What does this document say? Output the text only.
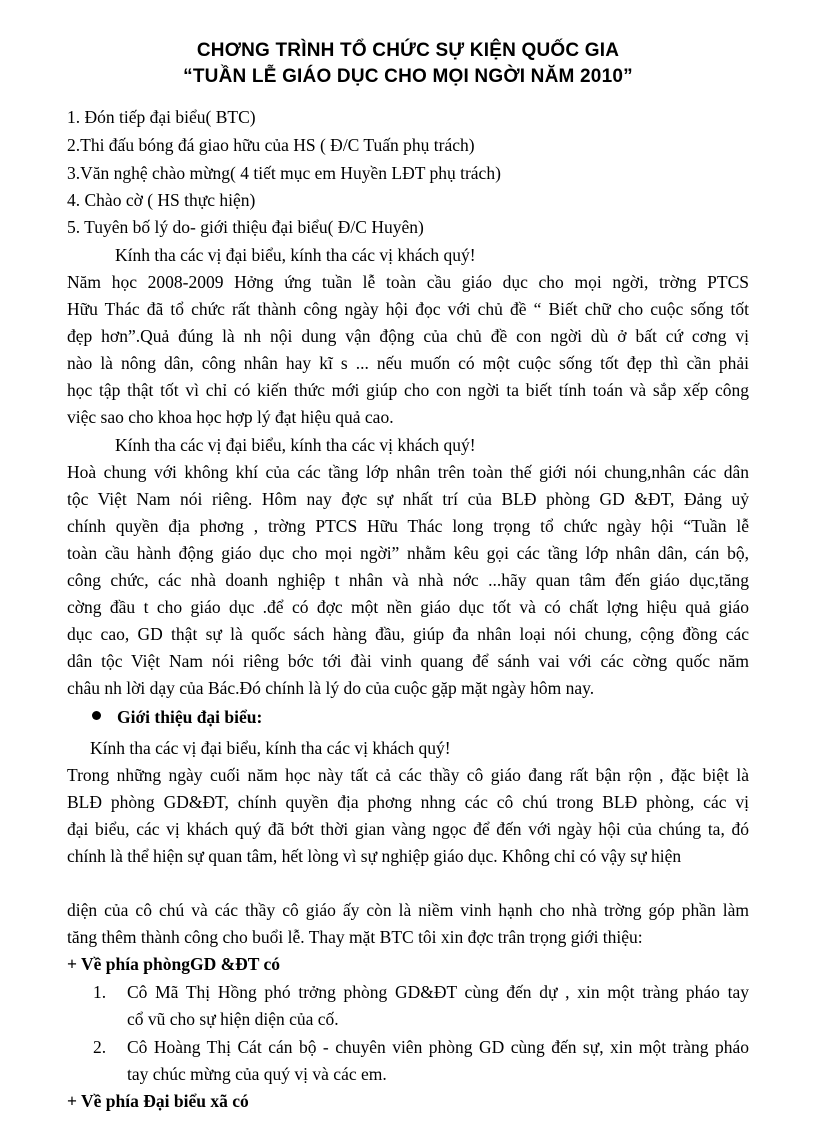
CHƠNG TRÌNH TỔ CHỨC SỰ KIỆN QUỐC GIA
“TUẦN LỄ GIÁO DỤC CHO MỌI NGỜI NĂM 2010”
1. Đón tiếp đại biểu( BTC)
2.Thi đấu bóng đá giao hữu của HS ( Đ/C Tuấn phụ trách)
3.Văn nghệ chào mừng( 4 tiết mục em Huyền LĐT phụ trách)
4. Chào cờ ( HS thực hiện)
5. Tuyên bố lý do- giới thiệu đại biểu( Đ/C Huyên)
Kính tha các vị đại biểu, kính tha các vị khách quý!
Năm học 2008-2009 Hởng ứng tuần lễ toàn cầu giáo dục cho mọi ngời, trờng PTCS
Hữu Thác đã tổ chức rất thành công ngày hội đọc với chủ đề “ Biết chữ cho cuộc sống tốt
đẹp hơn”.Quả đúng là nh nội dung vận động của chủ đề con ngời dù ở bất cứ cơng vị
nào là nông dân, công nhân hay kĩ s ... nếu muốn có một cuộc sống tốt đẹp thì cần phải
học tập thật tốt vì chỉ có kiến thức mới giúp cho con ngời ta biết tính toán và sắp xếp công
việc sao cho khoa học hợp lý đạt hiệu quả cao.
Kính tha các vị đại biểu, kính tha các vị khách quý!
Hoà chung với không khí của các tầng lớp nhân trên toàn thế giới nói chung,nhân các dân
tộc Việt Nam nói riêng. Hôm nay đợc sự nhất trí của BLĐ phòng GD &ĐT, Đảng uỷ
chính quyền địa phơng , trờng PTCS Hữu Thác long trọng tổ chức ngày hội “Tuần lễ
toàn cầu hành động giáo dục cho mọi ngời” nhằm kêu gọi các tầng lớp nhân dân, cán bộ,
công chức, các nhà doanh nghiệp t nhân và nhà nớc ...hãy quan tâm đến giáo dục,tăng
cờng đầu t cho giáo dục .để có đợc một nền giáo dục tốt và có chất lợng hiệu quả giáo
dục cao, GD thật sự là quốc sách hàng đầu, giúp đa nhân loại nói chung, cộng đồng các
dân tộc Việt Nam nói riêng bớc tới đài vinh quang để sánh vai với các cờng quốc năm
châu nh lời dạy của Bác.Đó chính là lý do của cuộc gặp mặt ngày hôm nay.
Giới thiệu đại biểu:
Kính tha các vị đại biểu, kính tha các vị khách quý!
Trong những ngày cuối năm học này tất cả các thầy cô giáo đang rất bận rộn , đặc biệt là
BLĐ phòng GD&ĐT, chính quyền địa phơng nhng các cô chú trong BLĐ phòng, các vị
đại biểu, các vị khách quý đã bớt thời gian vàng ngọc để đến với ngày hội của chúng ta, đó
chính là thể hiện sự quan tâm, hết lòng vì sự nghiệp giáo dục. Không chỉ có vậy sự hiện
diện của cô chú và các thầy cô giáo ấy còn là niềm vinh hạnh cho nhà trờng góp phần làm
tăng thêm thành công cho buổi lễ. Thay mặt BTC tôi xin đợc trân trọng giới thiệu:
+ Về phía phòngGD &ĐT có
1. Cô Mã Thị Hồng phó trởng phòng GD&ĐT cùng đến dự , xin một tràng pháo tay
cổ vũ cho sự hiện diện của cố.
2. Cô Hoàng Thị Cát cán bộ - chuyên viên phòng GD cùng đến sự, xin một tràng pháo
tay chúc mừng của quý vị và các em.
+ Về phía Đại biểu xã có
